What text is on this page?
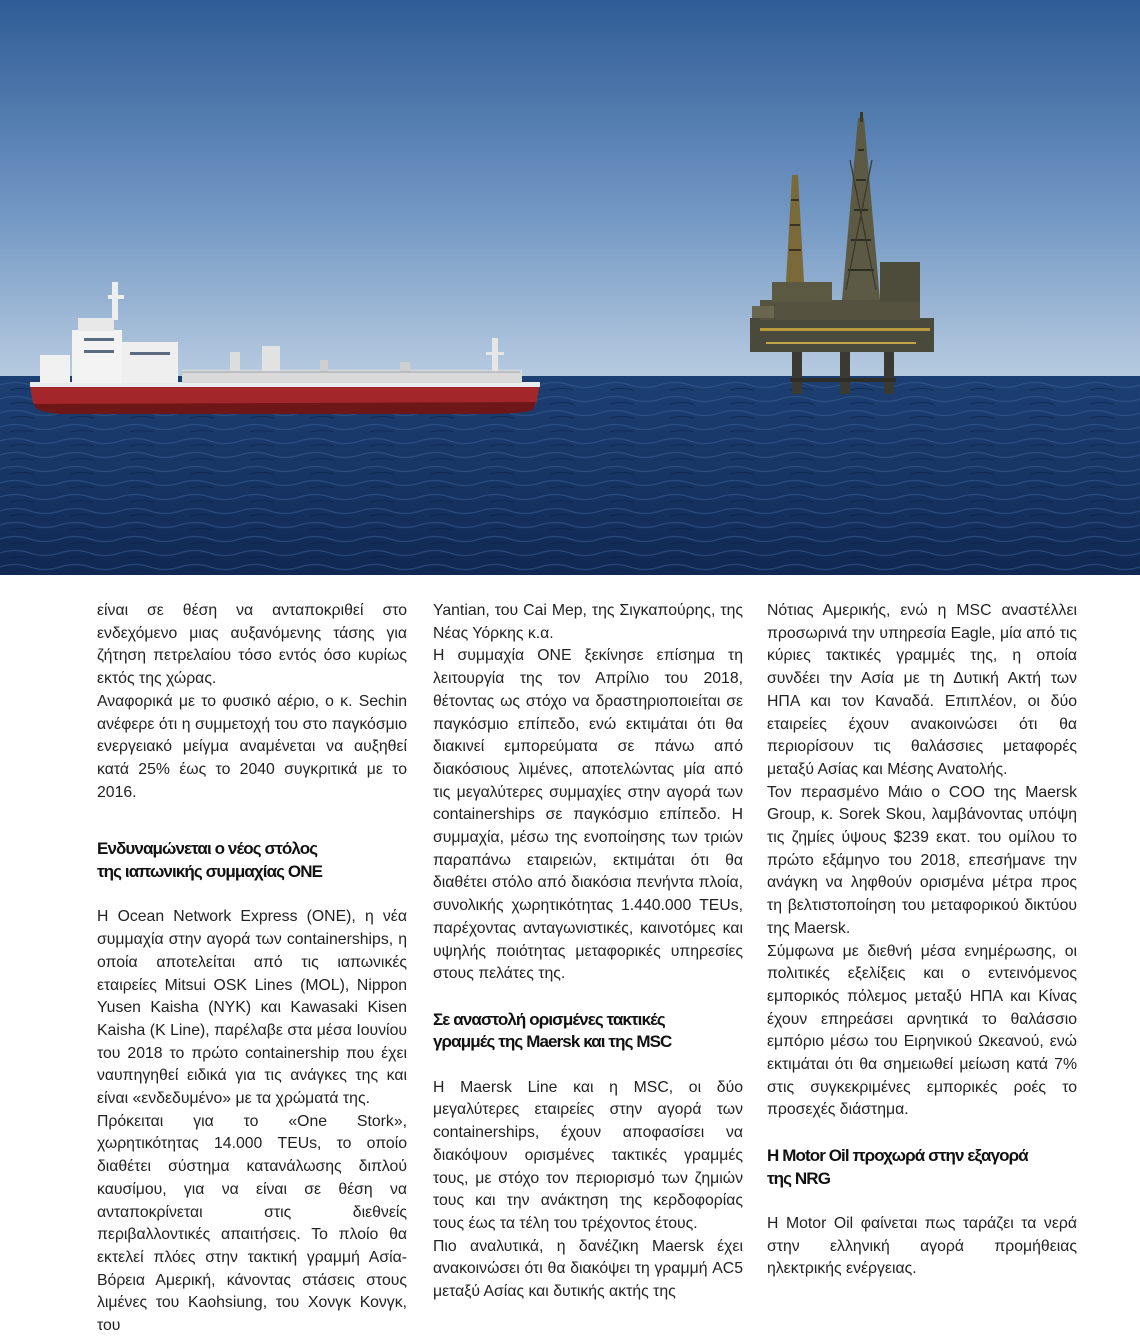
είναι σε θέση να ανταποκριθεί στο ενδεχόμενο μιας αυξανόμενης τάσης για ζήτηση πετρελαίου τόσο εντός όσο κυρίως εκτός της χώρας.

Αναφορικά με το φυσικό αέριο, ο κ. Sechin ανέφερε ότι η συμμετοχή του στο παγκόσμιο ενεργειακό μείγμα αναμένεται να αυξηθεί κατά 25% έως το 2040 συγκριτικά με το 2016.

Ενδυναμώνεται ο νέος στόλος
της ιαπωνικής συμμαχίας ONE

Η Ocean Network Express (ONE), η νέα συμμαχία στην αγορά των containerships, η οποία αποτελείται από τις ιαπωνικές εταιρείες Mitsui OSK Lines (MOL), Nippon Yusen Kaisha (NYK) και Kawasaki Kisen Kaisha (K Line), παρέλαβε στα μέσα Ιουνίου του 2018 το πρώτο containership που έχει ναυπηγηθεί ειδικά για τις ανάγκες της και είναι «ενδεδυμένο» με τα χρώματά της.

Πρόκειται για το «One Stork», χωρητικότητας 14.000 TEUs, το οποίο διαθέτει σύστημα κατανάλωσης διπλού καυσίμου, για να είναι σε θέση να ανταποκρίνεται στις διεθνείς περιβαλλοντικές απαιτήσεις. Το πλοίο θα εκτελεί πλόες στην τακτική γραμμή Ασία-Βόρεια Αμερική, κάνοντας στάσεις στους λιμένες του Kaohsiung, του Χονγκ Κονγκ, του

Yantian, του Cai Mep, της Σιγκαπούρης, της Νέας Υόρκης κ.α.

Η συμμαχία ONE ξεκίνησε επίσημα τη λειτουργία της τον Απρίλιο του 2018, θέτοντας ως στόχο να δραστηριοποιείται σε παγκόσμιο επίπεδο, ενώ εκτιμάται ότι θα διακινεί εμπορεύματα σε πάνω από διακόσιους λιμένες, αποτελώντας μία από τις μεγαλύτερες συμμαχίες στην αγορά των containerships σε παγκόσμιο επίπεδο. Η συμμαχία, μέσω της ενοποίησης των τριών παραπάνω εταιρειών, εκτιμάται ότι θα διαθέτει στόλο από διακόσια πενήντα πλοία, συνολικής χωρητικότητας 1.440.000 TEUs, παρέχοντας ανταγωνιστικές, καινοτόμες και υψηλής ποιότητας μεταφορικές υπηρεσίες στους πελάτες της.

Σε αναστολή ορισμένες τακτικές
γραμμές της Maersk και της MSC

Η Maersk Line και η MSC, οι δύο μεγαλύτερες εταιρείες στην αγορά των containerships, έχουν αποφασίσει να διακόψουν ορισμένες τακτικές γραμμές τους, με στόχο τον περιορισμό των ζημιών τους και την ανάκτηση της κερδοφορίας τους έως τα τέλη του τρέχοντος έτους.

Πιο αναλυτικά, η δανέζικη Maersk έχει ανακοινώσει ότι θα διακόψει τη γραμμή AC5 μεταξύ Ασίας και δυτικής ακτής της

Νότιας Αμερικής, ενώ η MSC αναστέλλει προσωρινά την υπηρεσία Eagle, μία από τις κύριες τακτικές γραμμές της, η οποία συνδέει την Ασία με τη Δυτική Ακτή των ΗΠΑ και τον Καναδά. Επιπλέον, οι δύο εταιρείες έχουν ανακοινώσει ότι θα περιορίσουν τις θαλάσσιες μεταφορές μεταξύ Ασίας και Μέσης Ανατολής.

Τον περασμένο Μάιο ο COO της Maersk Group, κ. Sorek Skou, λαμβάνοντας υπόψη τις ζημίες ύψους $239 εκατ. του ομίλου το πρώτο εξάμηνο του 2018, επεσήμανε την ανάγκη να ληφθούν ορισμένα μέτρα προς τη βελτιστοποίηση του μεταφορικού δικτύου της Maersk.

Σύμφωνα με διεθνή μέσα ενημέρωσης, οι πολιτικές εξελίξεις και ο εντεινόμενος εμπορικός πόλεμος μεταξύ ΗΠΑ και Κίνας έχουν επηρεάσει αρνητικά το θαλάσσιο εμπόριο μέσω του Ειρηνικού Ωκεανού, ενώ εκτιμάται ότι θα σημειωθεί μείωση κατά 7% στις συγκεκριμένες εμπορικές ροές το προσεχές διάστημα.

Η Motor Oil προχωρά στην εξαγορά
της NRG

Η Motor Oil φαίνεται πως ταράζει τα νερά στην ελληνική αγορά προμήθειας ηλεκτρικής ενέργειας.
